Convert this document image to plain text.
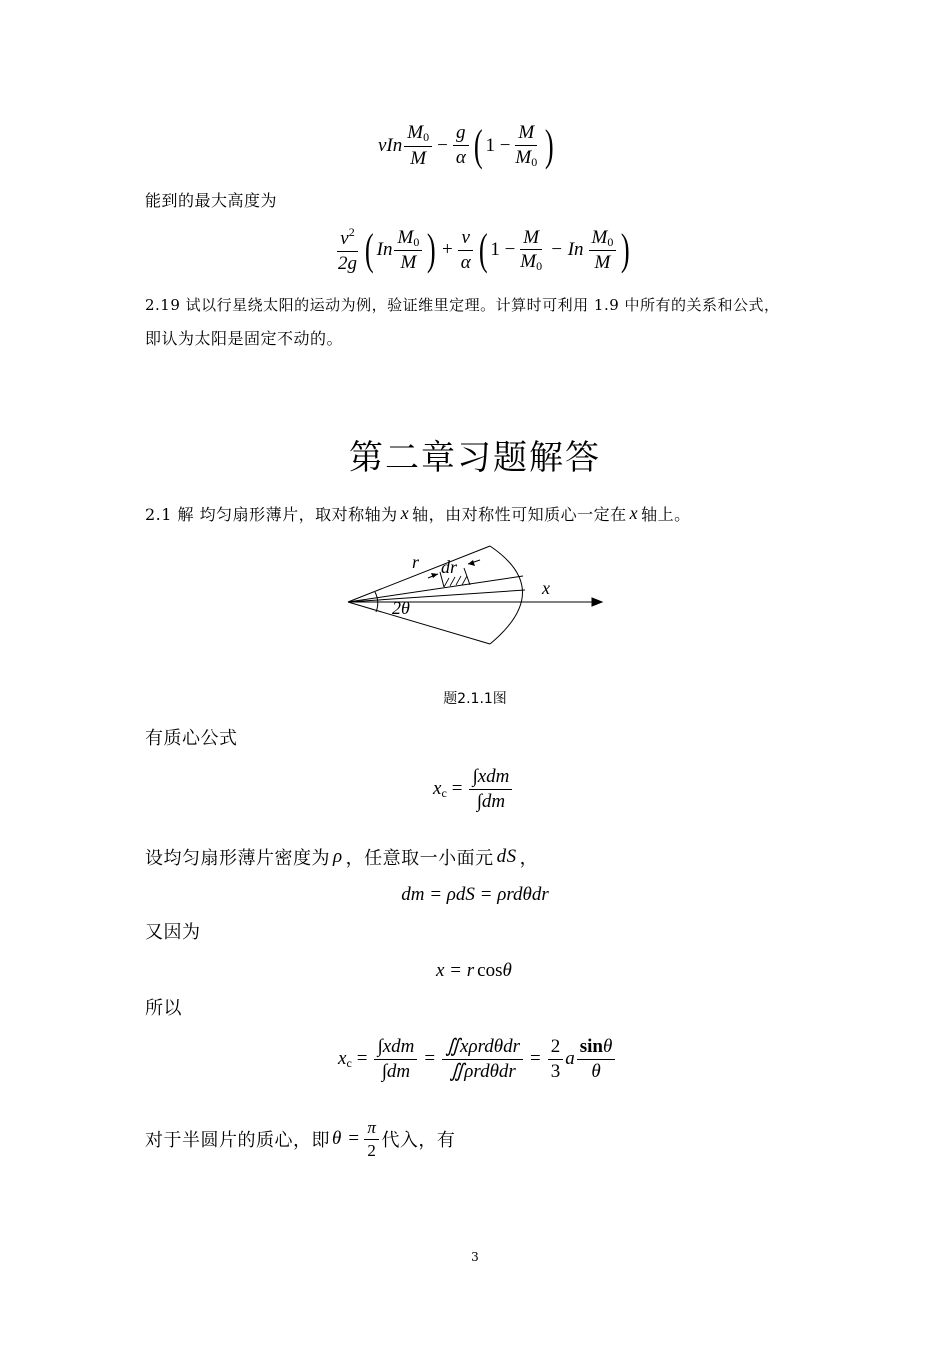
vIn $\frac{M_0}{M} - \frac{g}{\alpha}$ ( $1 - \frac{M}{M_0}$ )
能到的最大高度为
$\frac{v^2}{2g}$ ( In $\frac{M_0}{M}$ ) + $\frac{v}{\alpha}$ ( $1 - \frac{M}{M_0} - In \frac{M_0}{M}$ )
2.19 试以行星绕太阳的运动为例，验证维里定理。计算时可利用 1.9 中所有的关系和公式，
即认为太阳是固定不动的。
第二章习题解答
2.1 解 均匀扇形薄片，取对称轴为 x 轴，由对称性可知质心一定在 x 轴上。
r dr
x
2θ
题2.1.1图
有质心公式
$x_c = \frac{\text{∫xdm}}{\int dm}$
设均匀扇形薄片密度为 ρ ，任意取一小面元 dS ，
dm = ρdS = ρrdθdr
又因为
x = r cos θ
所以
$x_c = \frac{\text{∫xdm}}{\int dm} = \frac{\text{∬xρrdθdr}}{\text{∬ρrdθdr}} = \frac{2}{3}$ a $\frac{\sin\theta}{\theta}$
对于半圆片的质心，即 $\theta = \frac{\pi}{2}$ 代入，有
3
